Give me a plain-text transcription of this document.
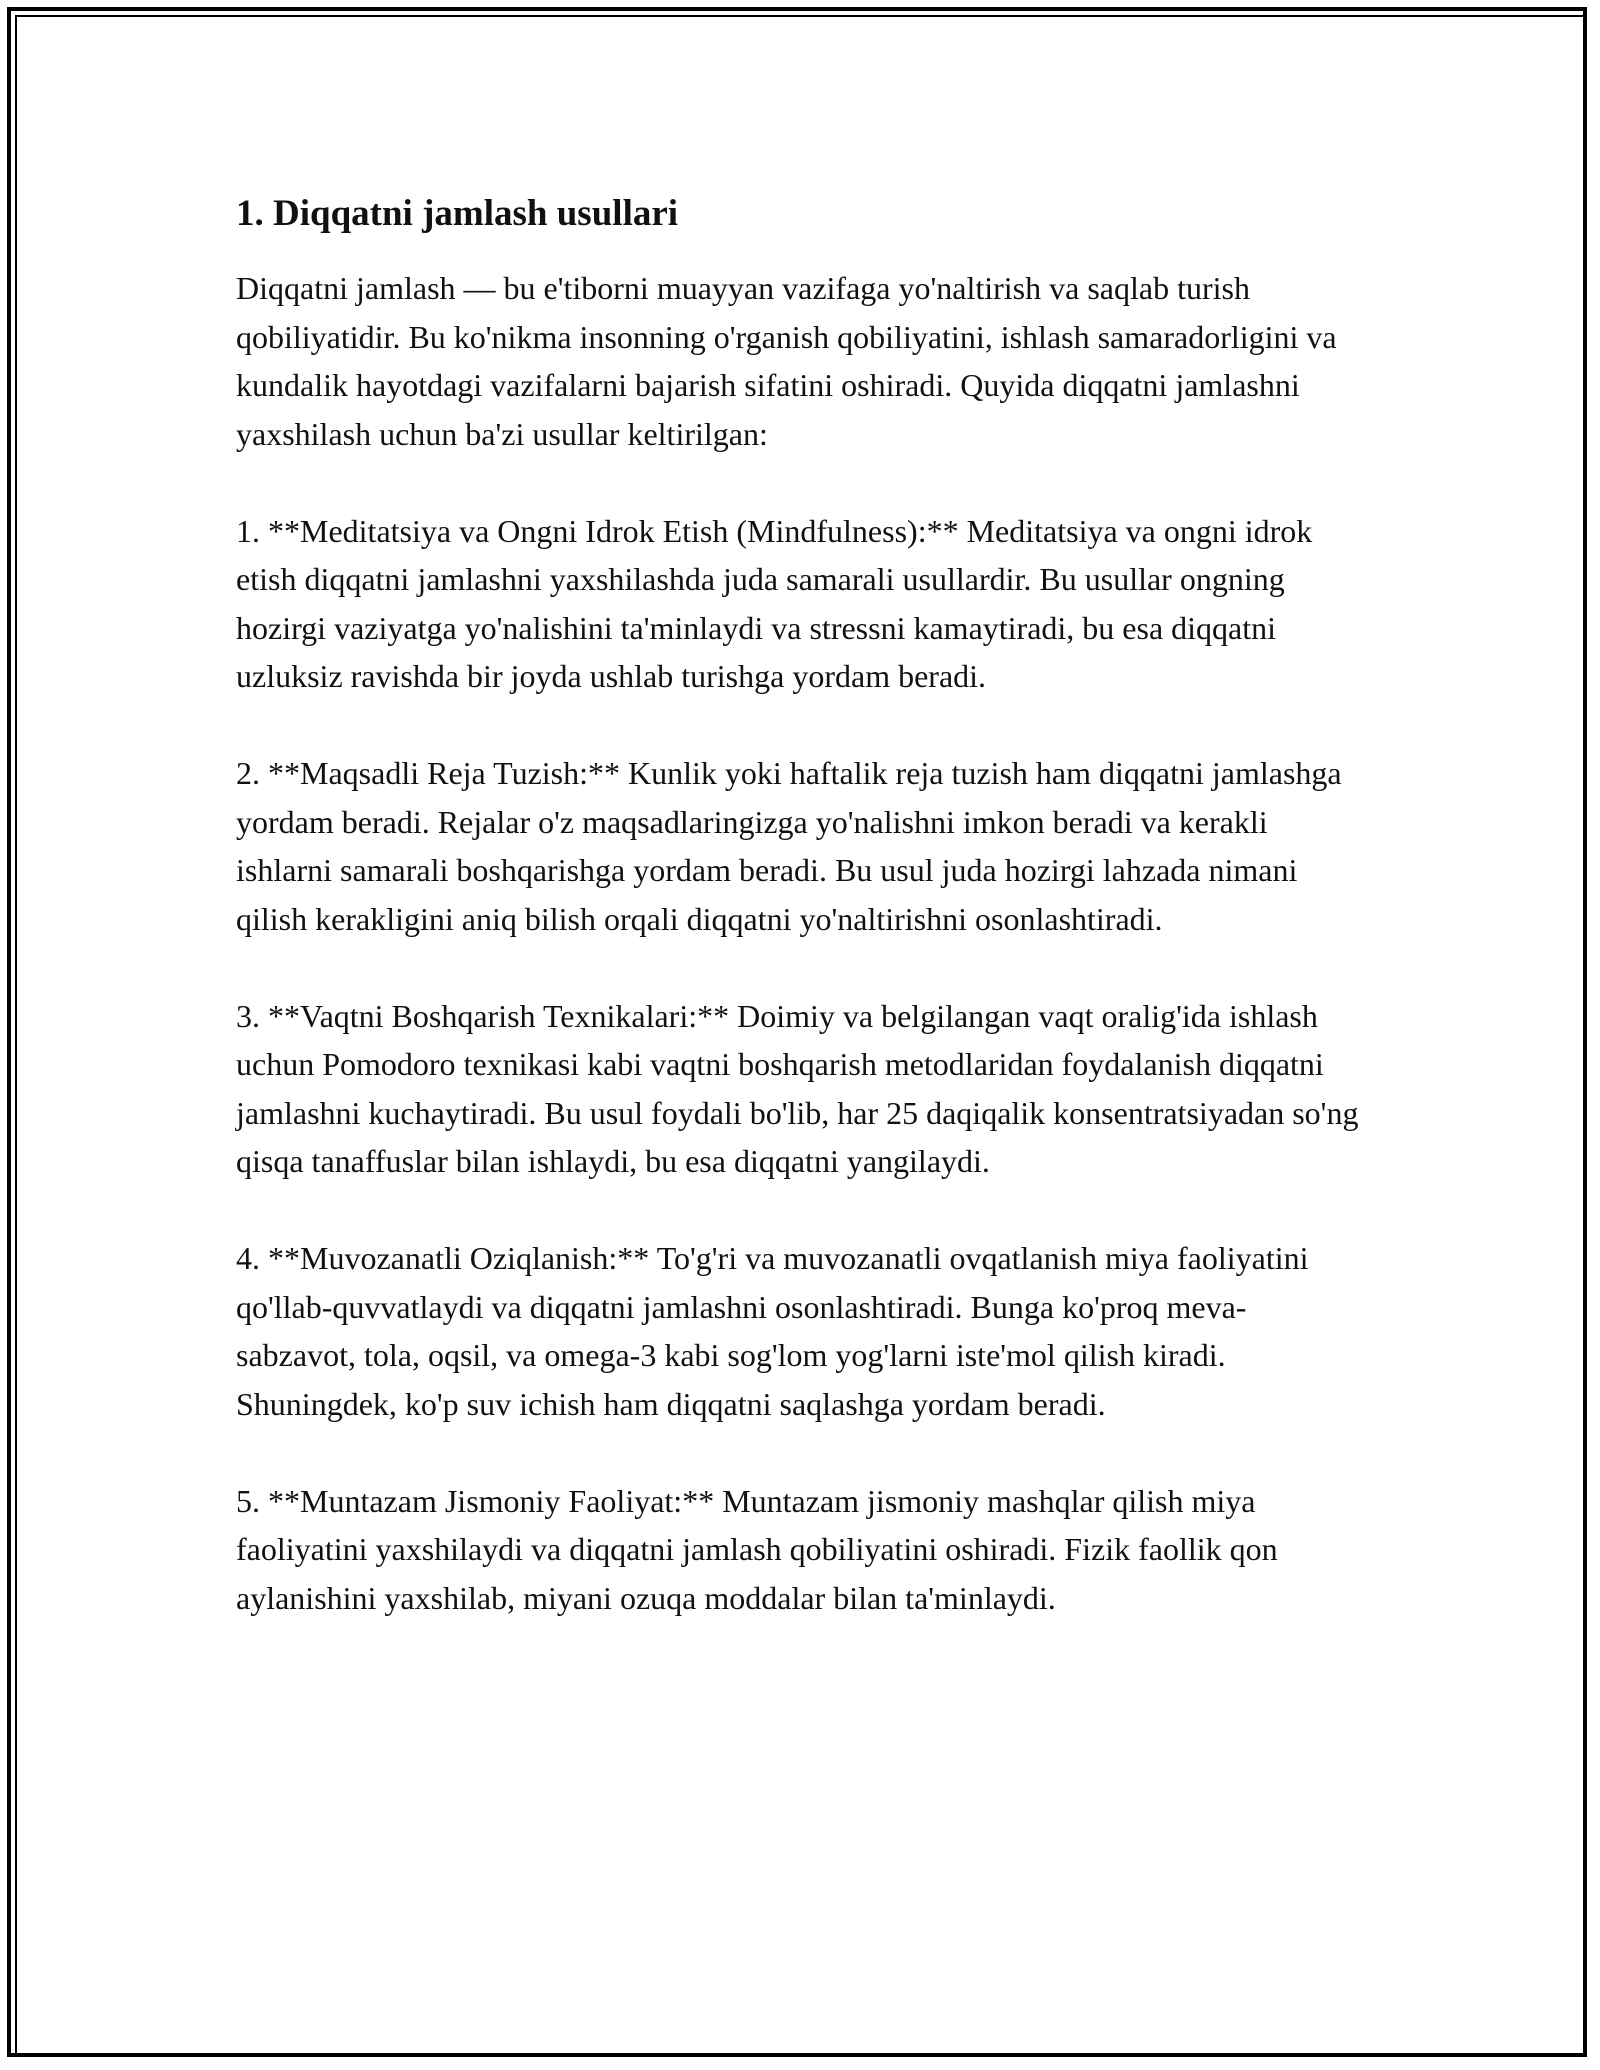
1. Diqqatni jamlash usullari

Diqqatni jamlash — bu e'tiborni muayyan vazifaga yo'naltirish va saqlab turish qobiliyatidir. Bu ko'nikma insonning o'rganish qobiliyatini, ishlash samaradorligini va kundalik hayotdagi vazifalarni bajarish sifatini oshiradi. Quyida diqqatni jamlashni yaxshilash uchun ba'zi usullar keltirilgan:

1. **Meditatsiya va Ongni Idrok Etish (Mindfulness):** Meditatsiya va ongni idrok etish diqqatni jamlashni yaxshilashda juda samarali usullardir. Bu usullar ongning hozirgi vaziyatga yo'nalishini ta'minlaydi va stressni kamaytiradi, bu esa diqqatni uzluksiz ravishda bir joyda ushlab turishga yordam beradi.

2. **Maqsadli Reja Tuzish:** Kunlik yoki haftalik reja tuzish ham diqqatni jamlashga yordam beradi. Rejalar o'z maqsadlaringizga yo'nalishni imkon beradi va kerakli ishlarni samarali boshqarishga yordam beradi. Bu usul juda hozirgi lahzada nimani qilish kerakligini aniq bilish orqali diqqatni yo'naltirishni osonlashtiradi.

3. **Vaqtni Boshqarish Texnikalari:** Doimiy va belgilangan vaqt oralig'ida ishlash uchun Pomodoro texnikasi kabi vaqtni boshqarish metodlaridan foydalanish diqqatni jamlashni kuchaytiradi. Bu usul foydali bo'lib, har 25 daqiqalik konsentratsiyadan so'ng qisqa tanaffuslar bilan ishlaydi, bu esa diqqatni yangilaydi.

4. **Muvozanatli Oziqlanish:** To'g'ri va muvozanatli ovqatlanish miya faoliyatini qo'llab-quvvatlaydi va diqqatni jamlashni osonlashtiradi. Bunga ko'proq meva-sabzavot, tola, oqsil, va omega-3 kabi sog'lom yog'larni iste'mol qilish kiradi. Shuningdek, ko'p suv ichish ham diqqatni saqlashga yordam beradi.

5. **Muntazam Jismoniy Faoliyat:** Muntazam jismoniy mashqlar qilish miya faoliyatini yaxshilaydi va diqqatni jamlash qobiliyatini oshiradi. Fizik faollik qon aylanishini yaxshilab, miyani ozuqa moddalar bilan ta'minlaydi.
